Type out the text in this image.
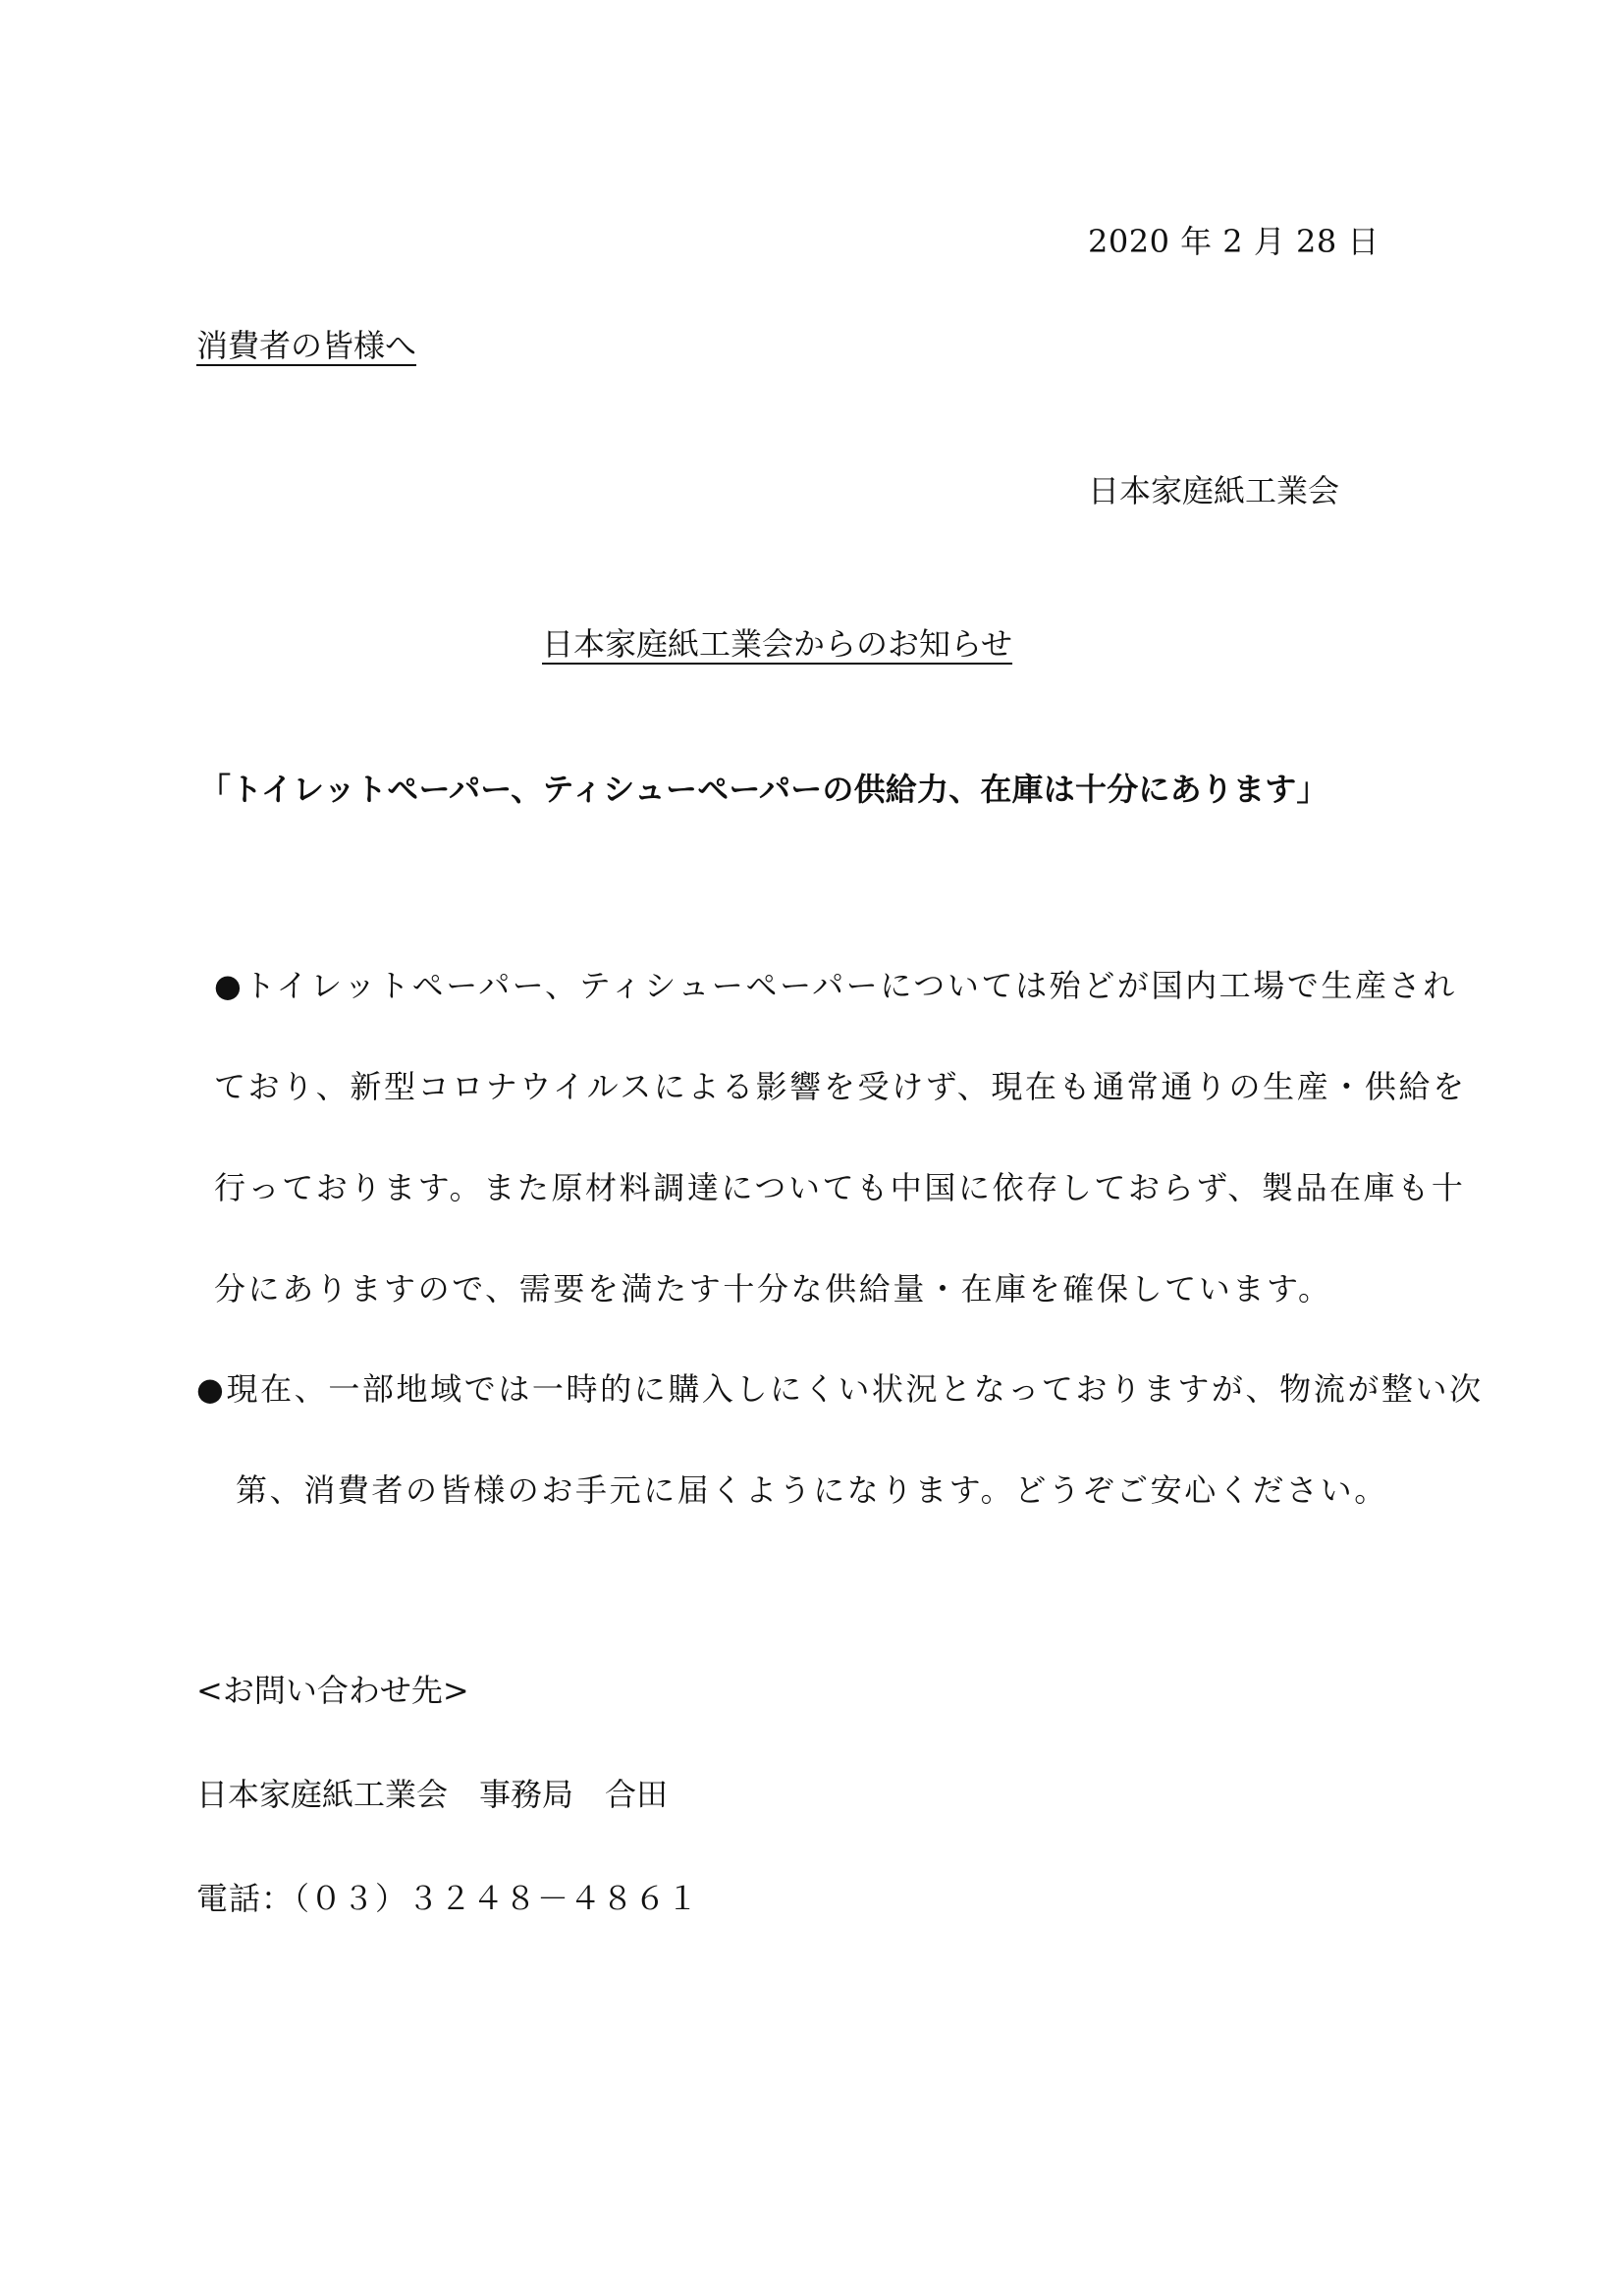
2020 年 2 月 28 日
消費者の皆様へ
日本家庭紙工業会
日本家庭紙工業会からのお知らせ
「トイレットペーパー、ティシューペーパーの供給力、在庫は十分にあります」
●トイレットペーパー、ティシューペーパーについては殆どが国内工場で生産され
ており、新型コロナウイルスによる影響を受けず、現在も通常通りの生産・供給を
行っております。また原材料調達についても中国に依存しておらず、製品在庫も十
分にありますので、需要を満たす十分な供給量・在庫を確保しています。
●現在、一部地域では一時的に購入しにくい状況となっておりますが、物流が整い次
第、消費者の皆様のお手元に届くようになります。どうぞご安心ください。
<お問い合わせ先>
日本家庭紙工業会　事務局　合田
電話：（０３）３２４８－４８６１
